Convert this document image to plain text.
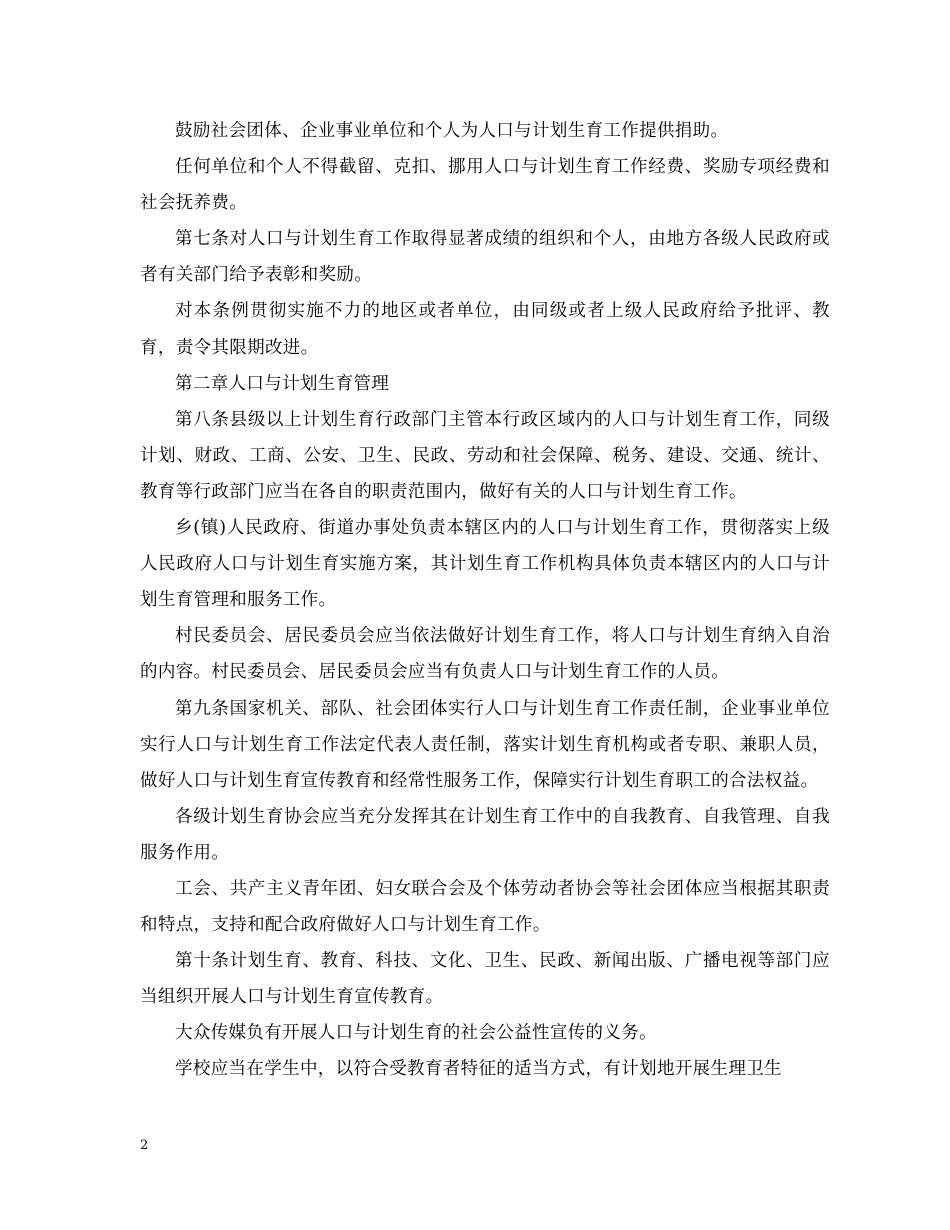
鼓励社会团体、企业事业单位和个人为人口与计划生育工作提供捐助。

任何单位和个人不得截留、克扣、挪用人口与计划生育工作经费、奖励专项经费和社会抚养费。

第七条对人口与计划生育工作取得显著成绩的组织和个人，由地方各级人民政府或者有关部门给予表彰和奖励。

对本条例贯彻实施不力的地区或者单位，由同级或者上级人民政府给予批评、教育，责令其限期改进。

第二章人口与计划生育管理

第八条县级以上计划生育行政部门主管本行政区域内的人口与计划生育工作，同级计划、财政、工商、公安、卫生、民政、劳动和社会保障、税务、建设、交通、统计、教育等行政部门应当在各自的职责范围内，做好有关的人口与计划生育工作。

乡(镇)人民政府、街道办事处负责本辖区内的人口与计划生育工作，贯彻落实上级人民政府人口与计划生育实施方案，其计划生育工作机构具体负责本辖区内的人口与计划生育管理和服务工作。

村民委员会、居民委员会应当依法做好计划生育工作，将人口与计划生育纳入自治的内容。村民委员会、居民委员会应当有负责人口与计划生育工作的人员。

第九条国家机关、部队、社会团体实行人口与计划生育工作责任制，企业事业单位实行人口与计划生育工作法定代表人责任制，落实计划生育机构或者专职、兼职人员，做好人口与计划生育宣传教育和经常性服务工作，保障实行计划生育职工的合法权益。

各级计划生育协会应当充分发挥其在计划生育工作中的自我教育、自我管理、自我服务作用。

工会、共产主义青年团、妇女联合会及个体劳动者协会等社会团体应当根据其职责和特点，支持和配合政府做好人口与计划生育工作。

第十条计划生育、教育、科技、文化、卫生、民政、新闻出版、广播电视等部门应当组织开展人口与计划生育宣传教育。

大众传媒负有开展人口与计划生育的社会公益性宣传的义务。

学校应当在学生中，以符合受教育者特征的适当方式，有计划地开展生理卫生

2
